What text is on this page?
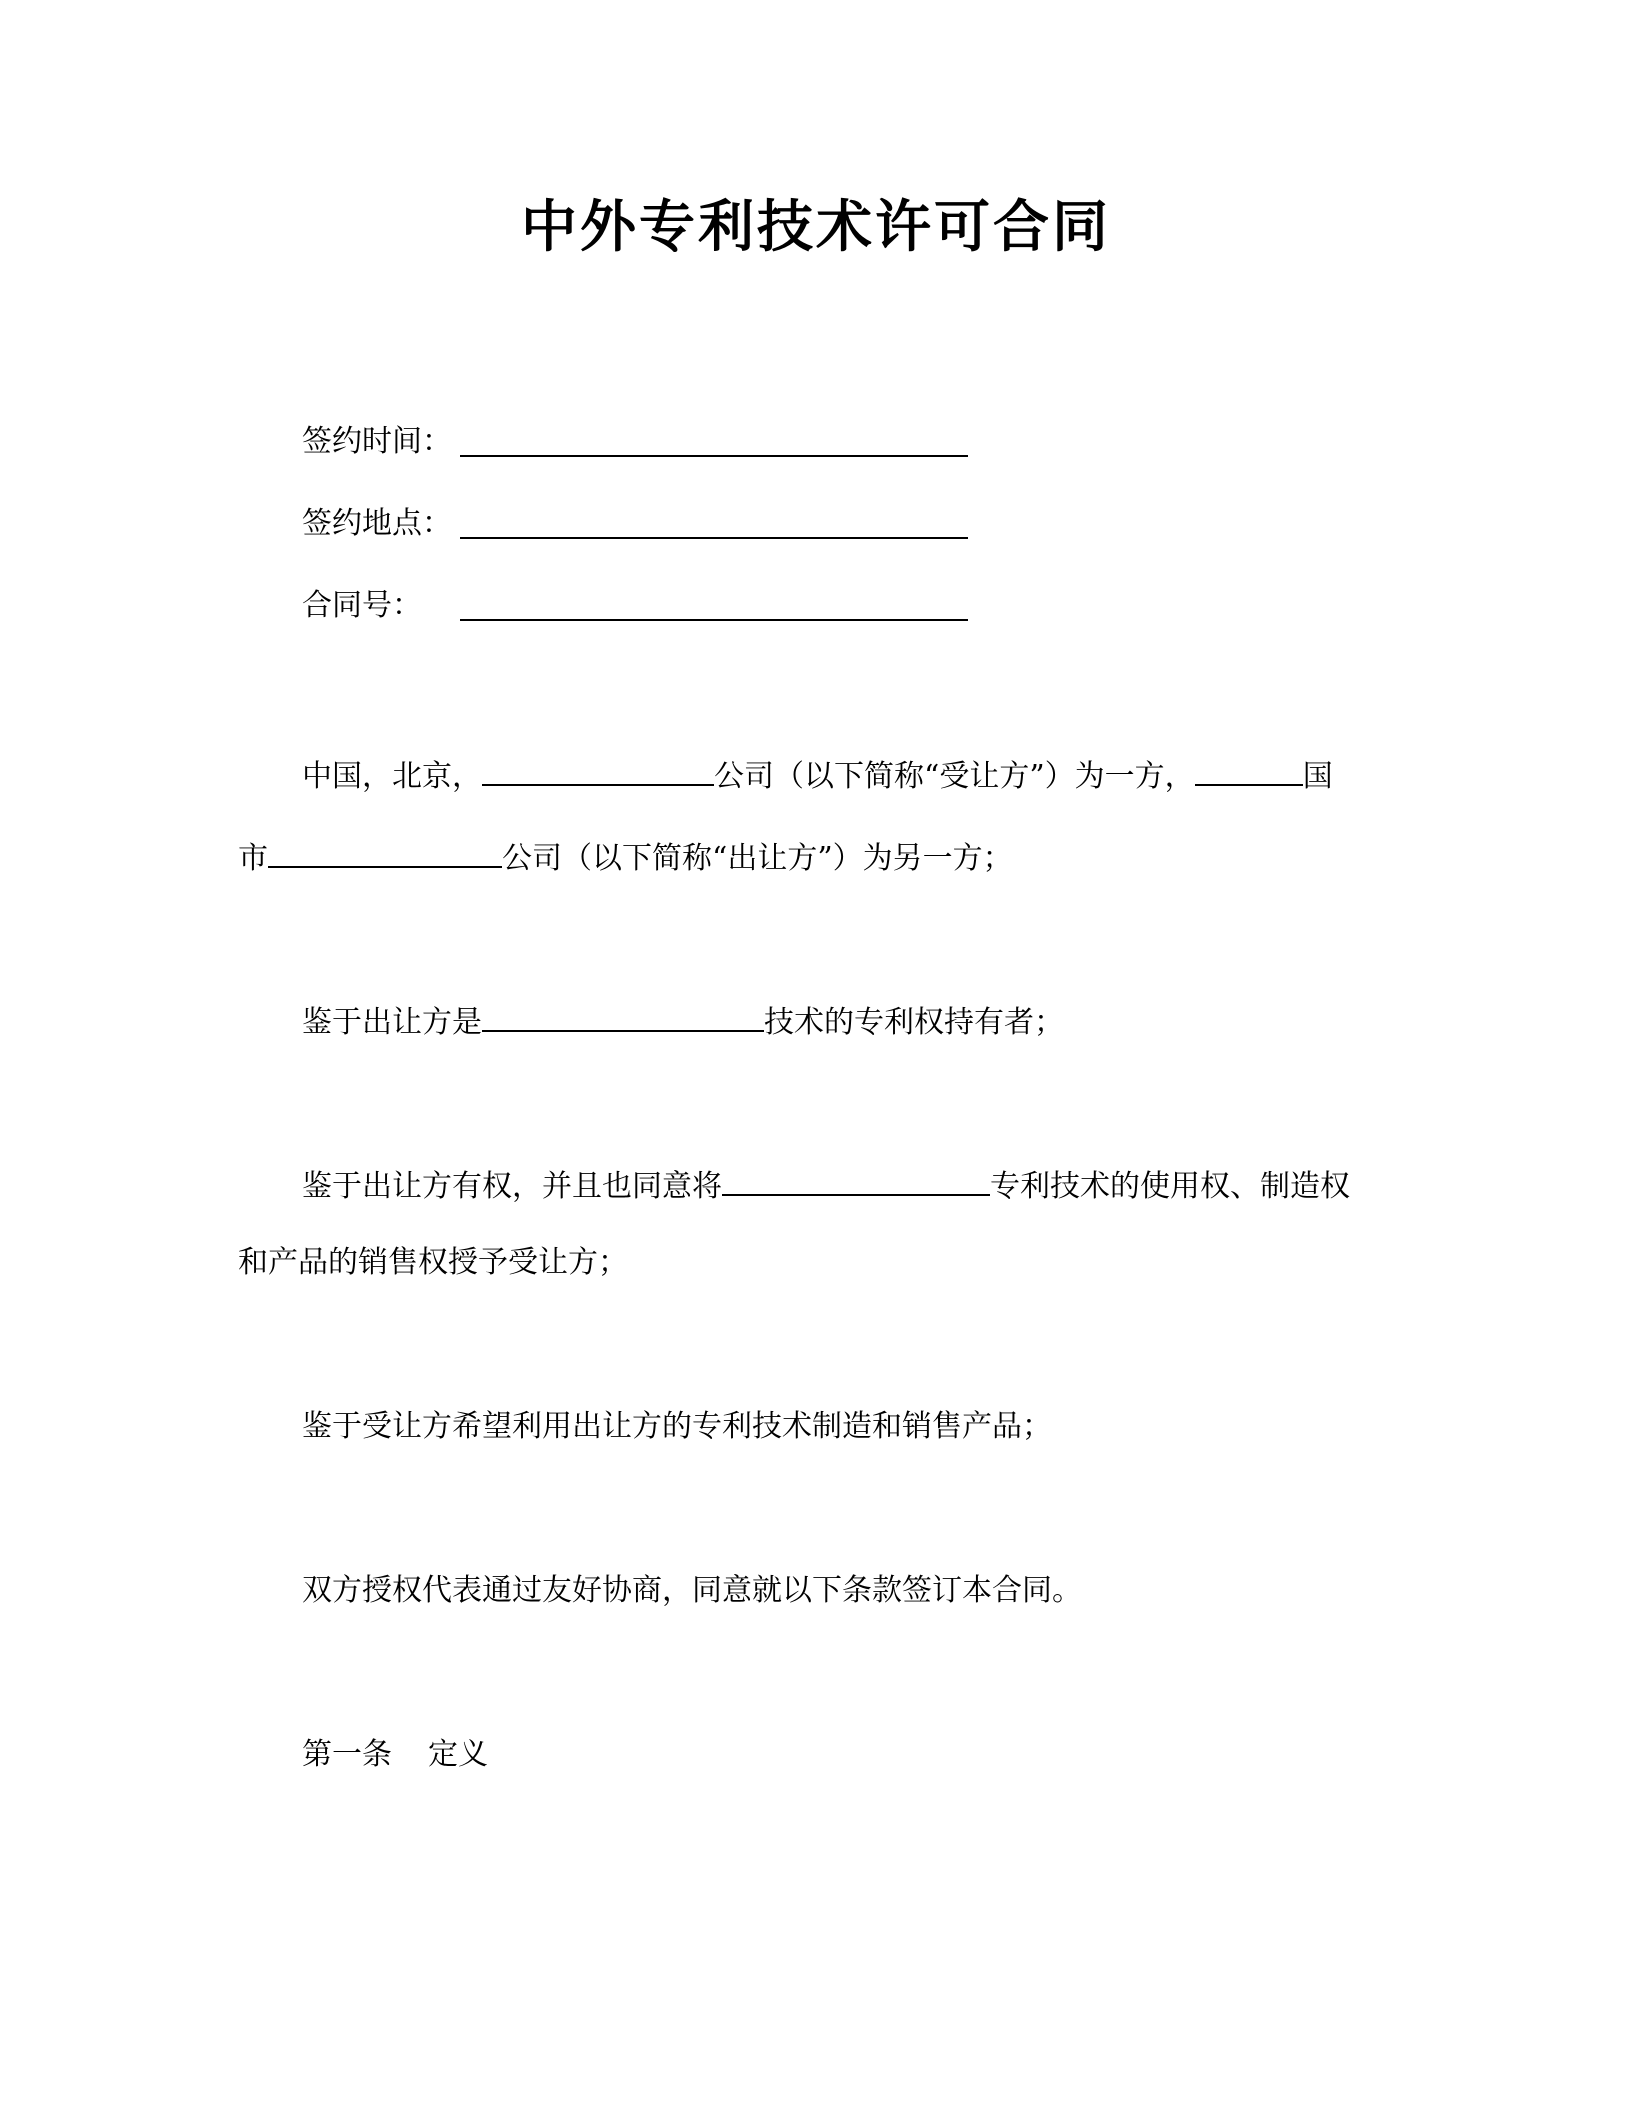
中外专利技术许可合同
签约时间：
签约地点：
合同号：
中国，北京，	公司（以下简称“受让方”）为一方，	国
市	公司（以下简称“出让方”）为另一方；
鉴于出让方是	技术的专利权持有者；
鉴于出让方有权，并且也同意将	专利技术的使用权、制造权
和产品的销售权授予受让方；
鉴于受让方希望利用出让方的专利技术制造和销售产品；
双方授权代表通过友好协商，同意就以下条款签订本合同。
第一条 定义
